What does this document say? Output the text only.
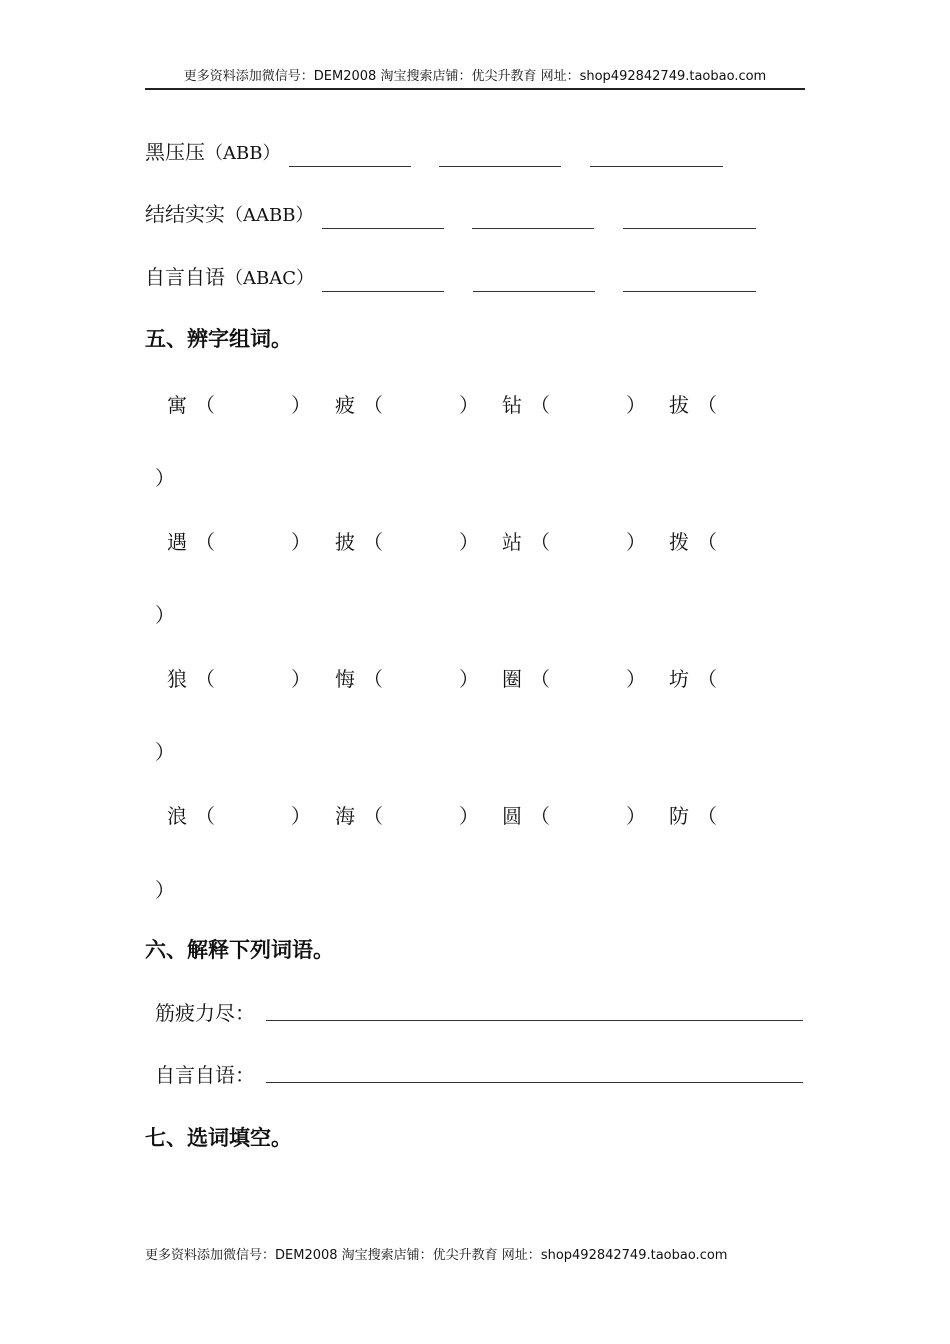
更多资料添加微信号：DEM2008 淘宝搜索店铺：优尖升教育 网址：shop492842749.taobao.com
黑压压（ABB）
结结实实（AABB）
自言自语（ABAC）
五、辨字组词。
寓 （	） 疲 （	） 钻 （	） 拔 （
）
遇 （	） 披 （	） 站 （	） 拨 （
）
狼 （	） 悔 （	） 圈 （	） 坊 （
）
浪 （	） 海 （	） 圆 （	） 防 （
）
六、解释下列词语。
筋疲力尽：
自言自语：
七、选词填空。
更多资料添加微信号：DEM2008 淘宝搜索店铺：优尖升教育 网址：shop492842749.taobao.com
